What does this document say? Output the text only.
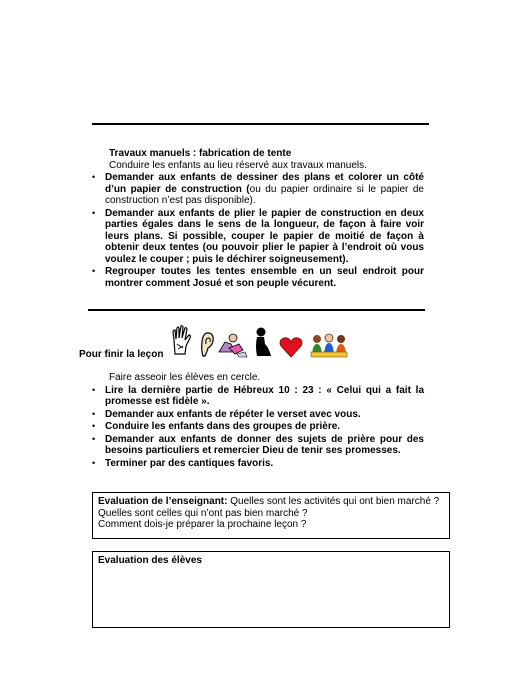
Travaux manuels : fabrication de tente
Conduire les enfants au lieu réservé aux travaux manuels.
• Demander aux enfants de dessiner des plans et colorer un côté d’un papier de construction (ou du papier ordinaire si le papier de construction n’est pas disponible).
• Demander aux enfants de plier le papier de construction en deux parties égales dans le sens de la longueur, de façon à faire voir leurs plans. Si possible, couper le papier de moitié de façon à obtenir deux tentes (ou pouvoir plier le papier à l’endroit où vous voulez le couper ; puis le déchirer soigneusement).
• Regrouper toutes les tentes ensemble en un seul endroit pour montrer comment Josué et son peuple vécurent.
Pour finir la leçon
Faire asseoir les élèves en cercle.
• Lire la dernière partie de Hébreux 10 : 23 : « Celui qui a fait la promesse est fidèle ».
• Demander aux enfants de répéter le verset avec vous.
• Conduire les enfants dans des groupes de prière.
• Demander aux enfants de donner des sujets de prière pour des besoins particuliers et remercier Dieu de tenir ses promesses.
• Terminer par des cantiques favoris.
Evaluation de l’enseignant: Quelles sont les activités qui ont bien marché ?
Quelles sont celles qui n’ont pas bien marché ?
Comment dois-je préparer la prochaine leçon ?
Evaluation des élèves
